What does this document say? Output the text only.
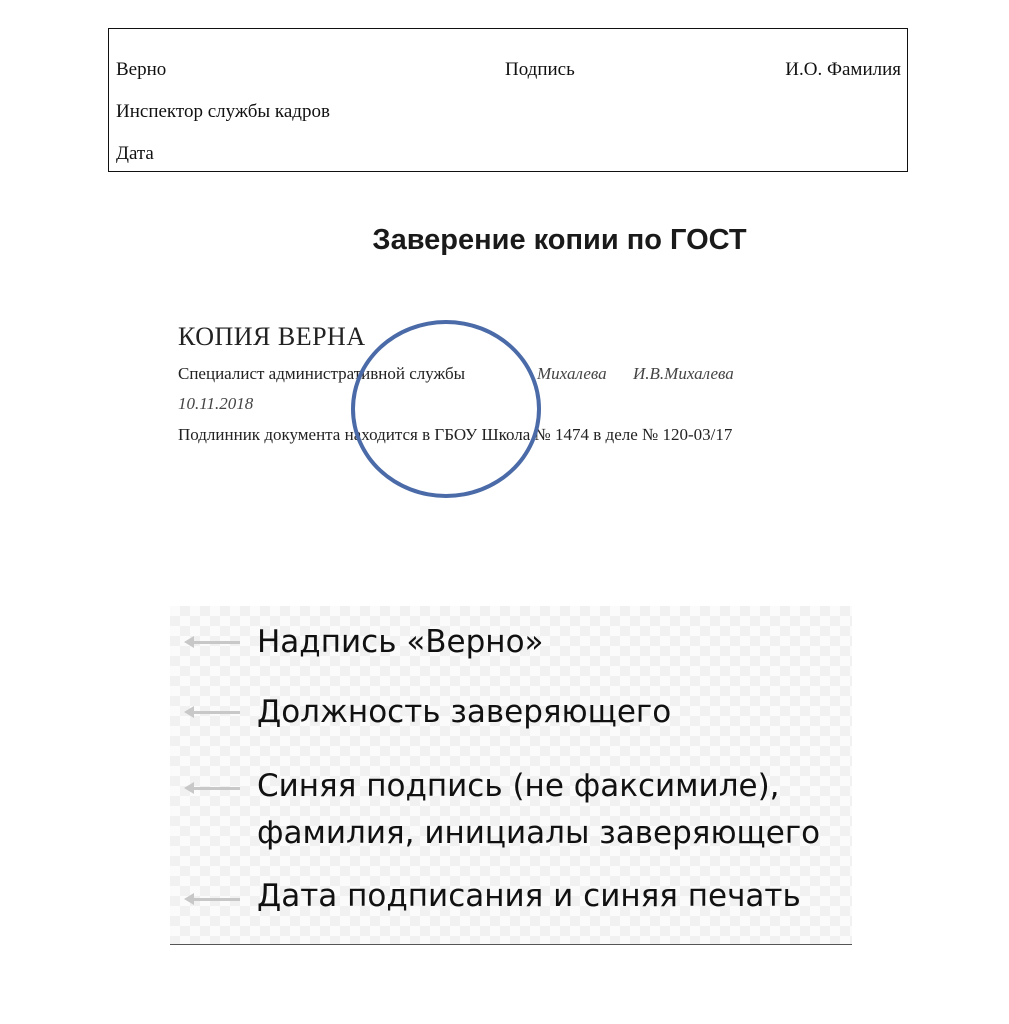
Верно	Подпись	И.О. Фамилия
Инспектор службы кадров
Дата
Заверение копии по ГОСТ
КОПИЯ ВЕРНА
Специалист административной службы	Михалева И.В.Михалева
10.11.2018
Подлинник документа находится в ГБОУ Школа № 1474 в деле № 120-03/17
Надпись «Верно»
Должность заверяющего
Синяя подпись (не факсимиле),
фамилия, инициалы заверяющего
Дата подписания и синяя печать
